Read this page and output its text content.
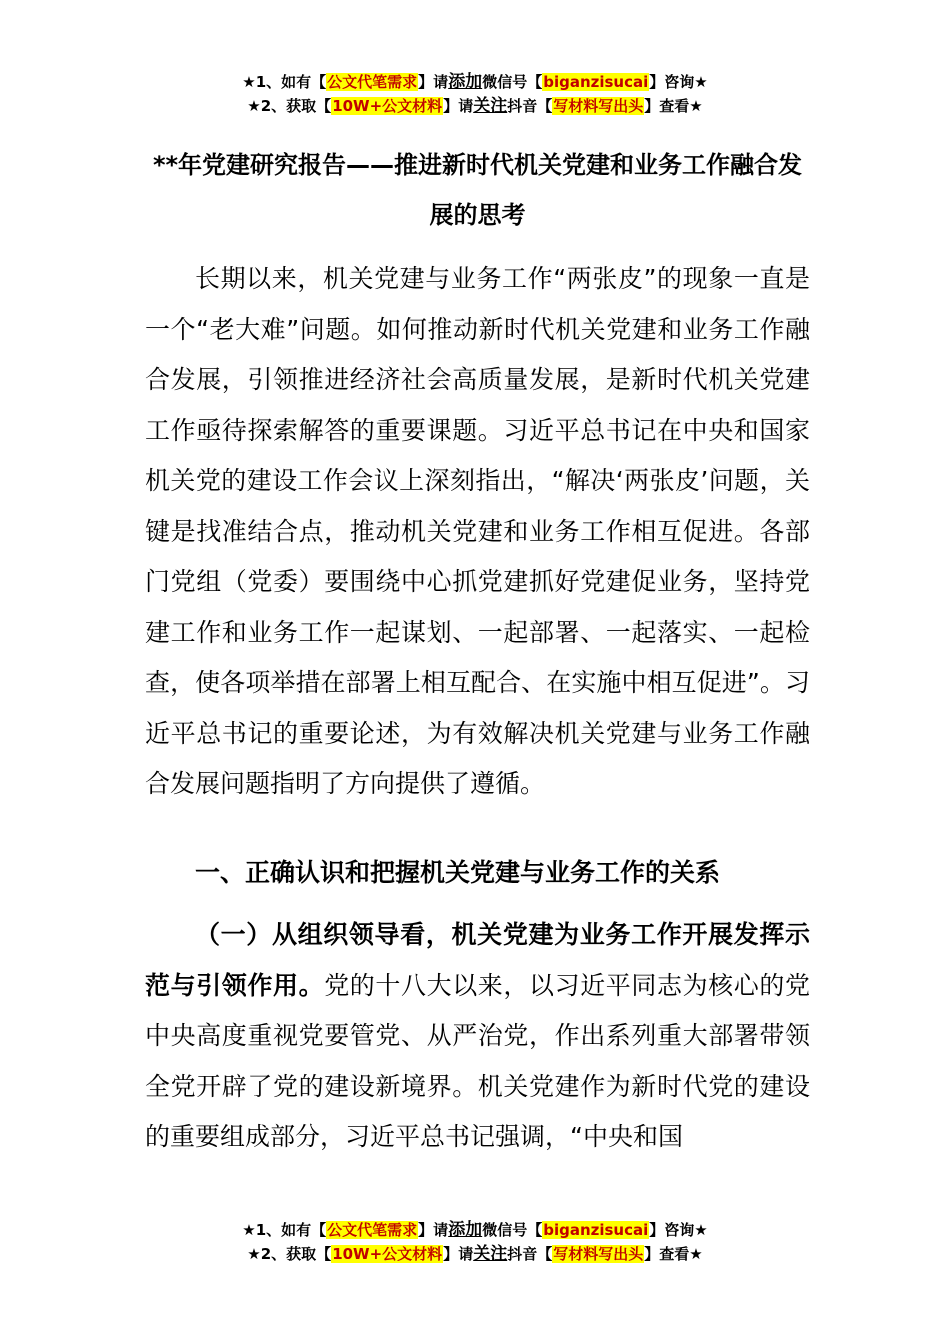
★1、如有【公文代笔需求】请添加微信号【biganzisucai】咨询★
★2、获取【10W+公文材料】请关注抖音【写材料写出头】查看★
**年党建研究报告——推进新时代机关党建和业务工作融合发展的思考

长期以来，机关党建与业务工作“两张皮”的现象一直是一个“老大难”问题。如何推动新时代机关党建和业务工作融合发展，引领推进经济社会高质量发展，是新时代机关党建工作亟待探索解答的重要课题。习近平总书记在中央和国家机关党的建设工作会议上深刻指出，“解决‘两张皮’问题，关键是找准结合点，推动机关党建和业务工作相互促进。各部门党组（党委）要围绕中心抓党建抓好党建促业务，坚持党建工作和业务工作一起谋划、一起部署、一起落实、一起检查，使各项举措在部署上相互配合、在实施中相互促进”。习近平总书记的重要论述，为有效解决机关党建与业务工作融合发展问题指明了方向提供了遵循。

一、正确认识和把握机关党建与业务工作的关系

（一）从组织领导看，机关党建为业务工作开展发挥示范与引领作用。党的十八大以来，以习近平同志为核心的党中央高度重视党要管党、从严治党，作出系列重大部署带领全党开辟了党的建设新境界。机关党建作为新时代党的建设的重要组成部分，习近平总书记强调，“中央和国

★1、如有【公文代笔需求】请添加微信号【biganzisucai】咨询★
★2、获取【10W+公文材料】请关注抖音【写材料写出头】查看★
